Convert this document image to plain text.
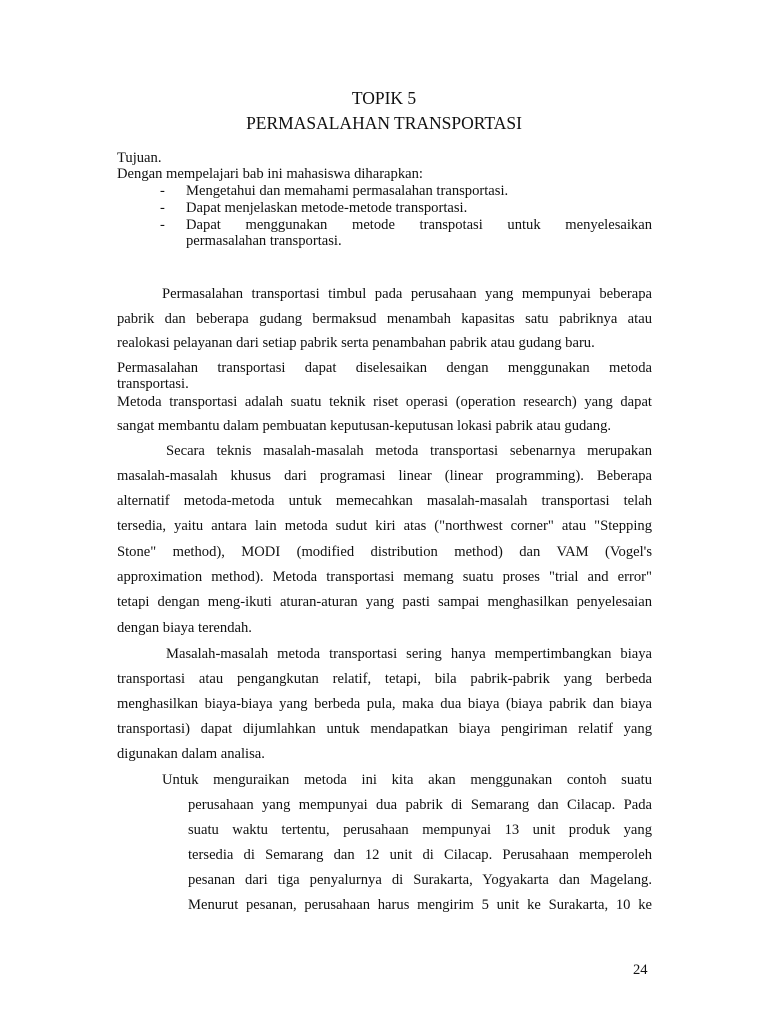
TOPIK 5
PERMASALAHAN TRANSPORTASI
Tujuan.
Dengan mempelajari bab ini mahasiswa diharapkan:
- Mengetahui dan memahami permasalahan transportasi.
- Dapat menjelaskan metode-metode transportasi.
- Dapat menggunakan metode transpotasi untuk menyelesaikan
permasalahan transportasi.
Permasalahan transportasi timbul pada perusahaan yang mempunyai beberapa
pabrik dan beberapa gudang bermaksud menambah kapasitas satu pabriknya atau
realokasi pelayanan dari setiap pabrik serta penambahan pabrik atau gudang baru.
Permasalahan transportasi dapat diselesaikan dengan menggunakan metoda
transportasi.
Metoda transportasi adalah suatu teknik riset operasi (operation research) yang dapat
sangat membantu dalam pembuatan keputusan-keputusan lokasi pabrik atau gudang.
Secara teknis masalah-masalah metoda transportasi sebenarnya merupakan
masalah-masalah khusus dari programasi linear (linear programming). Beberapa
alternatif metoda-metoda untuk memecahkan masalah-masalah transportasi telah
tersedia, yaitu antara lain metoda sudut kiri atas ("northwest corner" atau "Stepping
Stone" method), MODI (modified distribution method) dan VAM (Vogel's
approximation method). Metoda transportasi memang suatu proses "trial and error"
tetapi dengan meng-ikuti aturan-aturan yang pasti sampai menghasilkan penyelesaian
dengan biaya terendah.
Masalah-masalah metoda transportasi sering hanya mempertimbangkan biaya
transportasi atau pengangkutan relatif, tetapi, bila pabrik-pabrik yang berbeda
menghasilkan biaya-biaya yang berbeda pula, maka dua biaya (biaya pabrik dan biaya
transportasi) dapat dijumlahkan untuk mendapatkan biaya pengiriman relatif yang
digunakan dalam analisa.
Untuk menguraikan metoda ini kita akan menggunakan contoh suatu
perusahaan yang mempunyai dua pabrik di Semarang dan Cilacap. Pada
suatu waktu tertentu, perusahaan mempunyai 13 unit produk yang
tersedia di Semarang dan 12 unit di Cilacap. Perusahaan memperoleh
pesanan dari tiga penyalurnya di Surakarta, Yogyakarta dan Magelang.
Menurut pesanan, perusahaan harus mengirim 5 unit ke Surakarta, 10 ke
24
